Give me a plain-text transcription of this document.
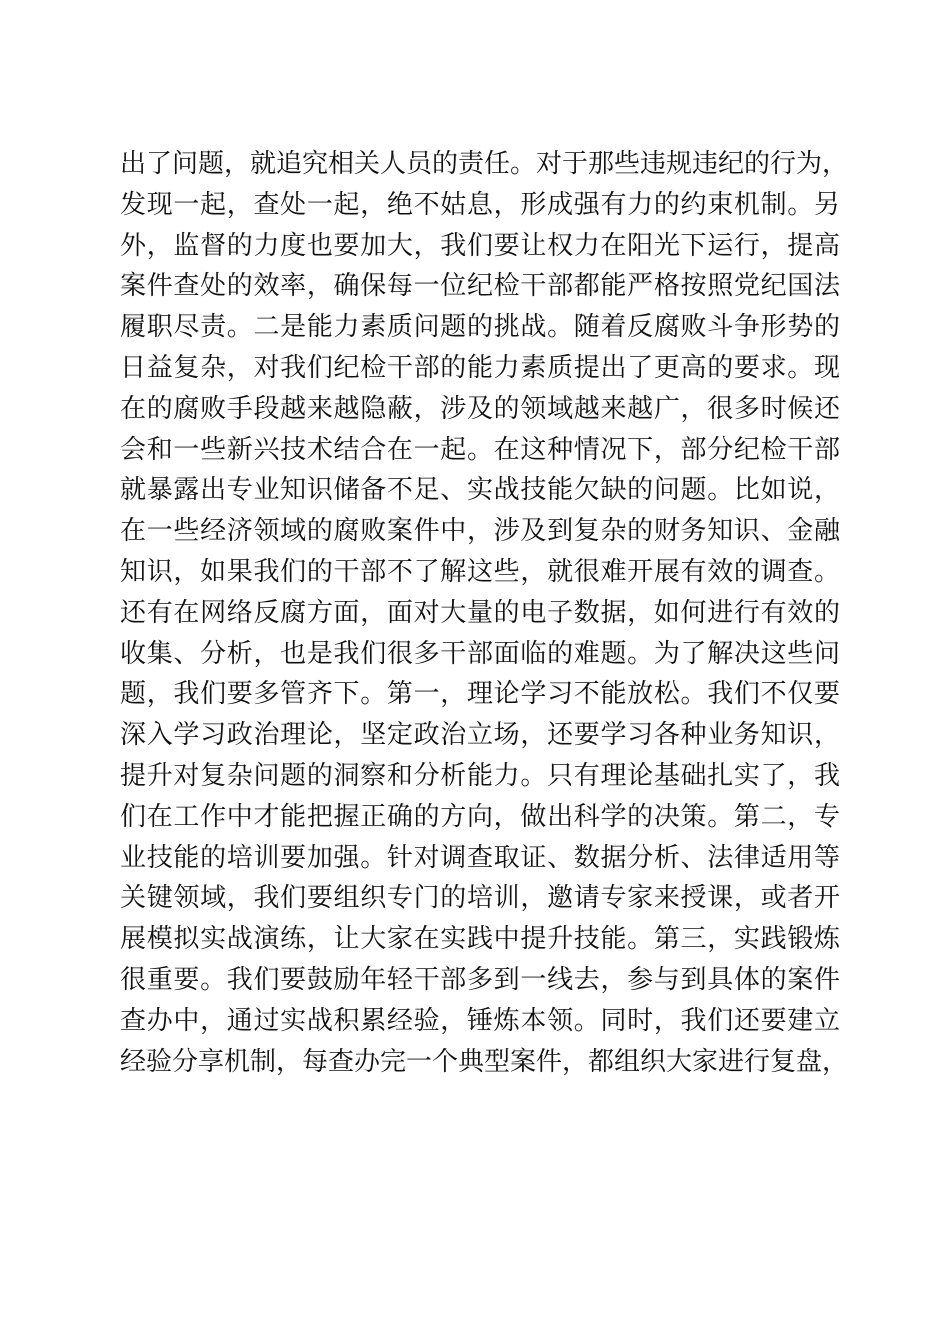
出了问题，就追究相关人员的责任。对于那些违规违纪的行为，
发现一起，查处一起，绝不姑息，形成强有力的约束机制。另
外，监督的力度也要加大，我们要让权力在阳光下运行，提高
案件查处的效率，确保每一位纪检干部都能严格按照党纪国法
履职尽责。二是能力素质问题的挑战。随着反腐败斗争形势的
日益复杂，对我们纪检干部的能力素质提出了更高的要求。现
在的腐败手段越来越隐蔽，涉及的领域越来越广，很多时候还
会和一些新兴技术结合在一起。在这种情况下，部分纪检干部
就暴露出专业知识储备不足、实战技能欠缺的问题。比如说，
在一些经济领域的腐败案件中，涉及到复杂的财务知识、金融
知识，如果我们的干部不了解这些，就很难开展有效的调查。
还有在网络反腐方面，面对大量的电子数据，如何进行有效的
收集、分析，也是我们很多干部面临的难题。为了解决这些问
题，我们要多管齐下。第一，理论学习不能放松。我们不仅要
深入学习政治理论，坚定政治立场，还要学习各种业务知识，
提升对复杂问题的洞察和分析能力。只有理论基础扎实了，我
们在工作中才能把握正确的方向，做出科学的决策。第二，专
业技能的培训要加强。针对调查取证、数据分析、法律适用等
关键领域，我们要组织专门的培训，邀请专家来授课，或者开
展模拟实战演练，让大家在实践中提升技能。第三，实践锻炼
很重要。我们要鼓励年轻干部多到一线去，参与到具体的案件
查办中，通过实战积累经验，锤炼本领。同时，我们还要建立
经验分享机制，每查办完一个典型案件，都组织大家进行复盘，
